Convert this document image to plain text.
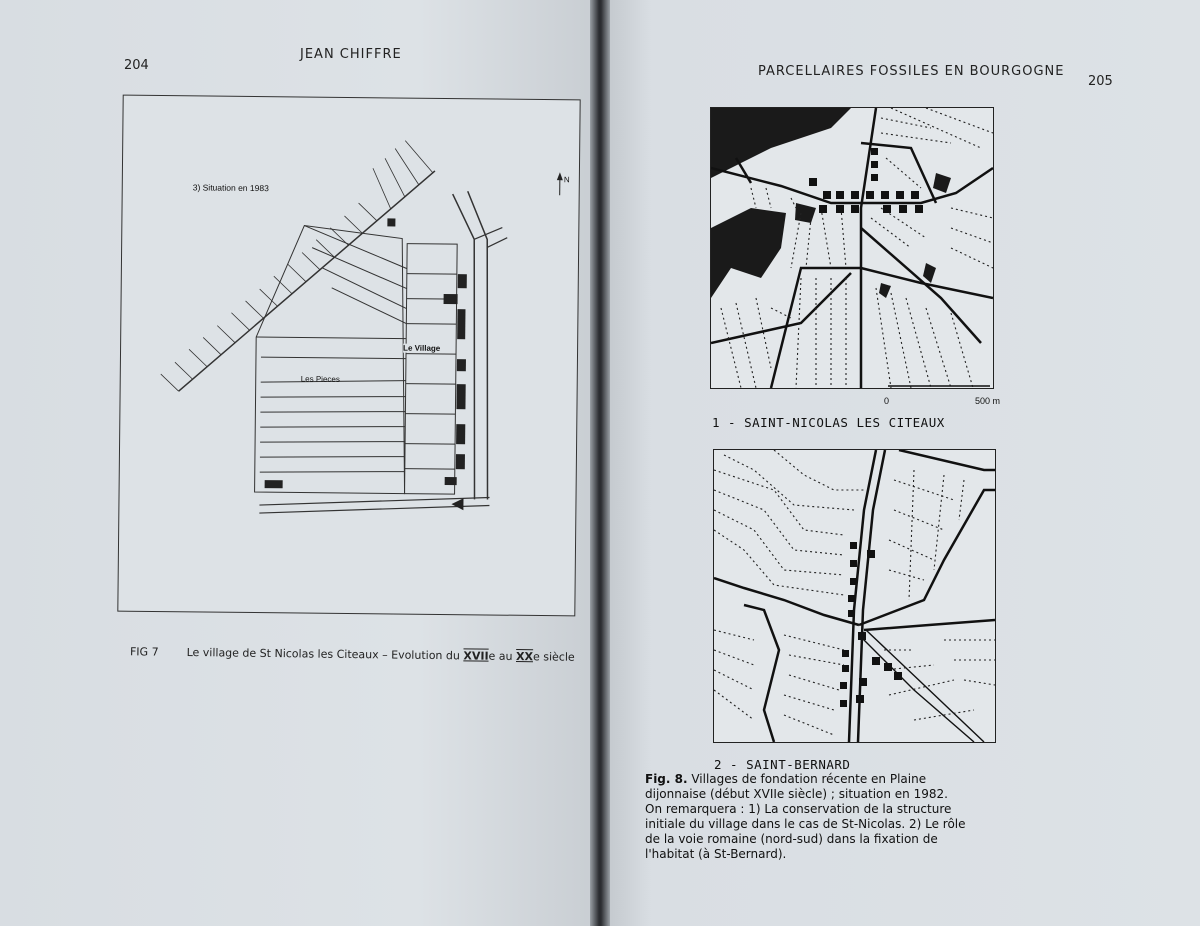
204
JEAN CHIFFRE
3) Situation en 1983
N
Le Village
Les Pieces
FIG 7	Le village de St Nicolas les Citeaux – Evolution du XVIIe au XXe siècle
PARCELLAIRES FOSSILES EN BOURGOGNE
205
0	500 m
1 - SAINT-NICOLAS LES CITEAUX
2 - SAINT-BERNARD

Fig. 8. Villages de fondation récente en Plaine dijonnaise (début XVIIe siècle) ; situation en 1982.

On remarquera : 1) La conservation de la structure initiale du village dans le cas de St-Nicolas. 2) Le rôle de la voie romaine (nord-sud) dans la fixation de l'habitat (à St-Bernard).
